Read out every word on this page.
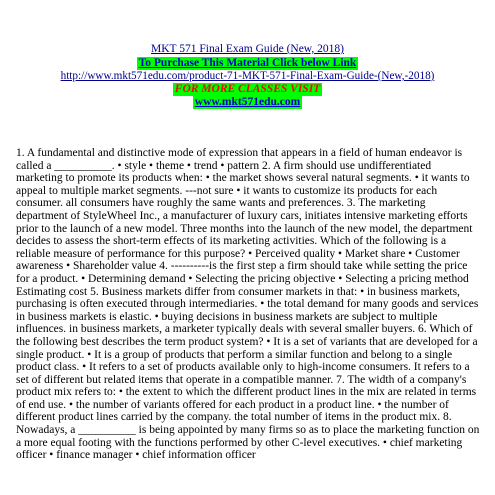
MKT 571 Final Exam Guide (New, 2018)
To Purchase This Material Click below Link
http://www.mkt571edu.com/product-71-MKT-571-Final-Exam-Guide-(New,-2018)
FOR MORE CLASSES VISIT
www.mkt571edu.com

1. A fundamental and distinctive mode of expression that appears in a field of human endeavor is called a __________. • style • theme • trend • pattern 2. A firm should use undifferentiated marketing to promote its products when: • the market shows several natural segments. • it wants to appeal to multiple market segments. ---not sure • it wants to customize its products for each consumer. all consumers have roughly the same wants and preferences. 3. The marketing department of StyleWheel Inc., a manufacturer of luxury cars, initiates intensive marketing efforts prior to the launch of a new model. Three months into the launch of the new model, the department decides to assess the short-term effects of its marketing activities. Which of the following is a reliable measure of performance for this purpose? • Perceived quality • Market share • Customer awareness • Shareholder value 4. ----------is the first step a firm should take while setting the price for a product. • Determining demand • Selecting the pricing objective • Selecting a pricing method Estimating cost 5. Business markets differ from consumer markets in that: • in business markets, purchasing is often executed through intermediaries. • the total demand for many goods and services in business markets is elastic. • buying decisions in business markets are subject to multiple influences. in business markets, a marketer typically deals with several smaller buyers. 6. Which of the following best describes the term product system? • It is a set of variants that are developed for a single product. • It is a group of products that perform a similar function and belong to a single product class. • It refers to a set of products available only to high-income consumers. It refers to a set of different but related items that operate in a compatible manner. 7. The width of a company's product mix refers to: • the extent to which the different product lines in the mix are related in terms of end use. • the number of variants offered for each product in a product line. • the number of different product lines carried by the company. the total number of items in the product mix. 8. Nowadays, a __________ is being appointed by many firms so as to place the marketing function on a more equal footing with the functions performed by other C-level executives. • chief marketing officer • finance manager • chief information officer
